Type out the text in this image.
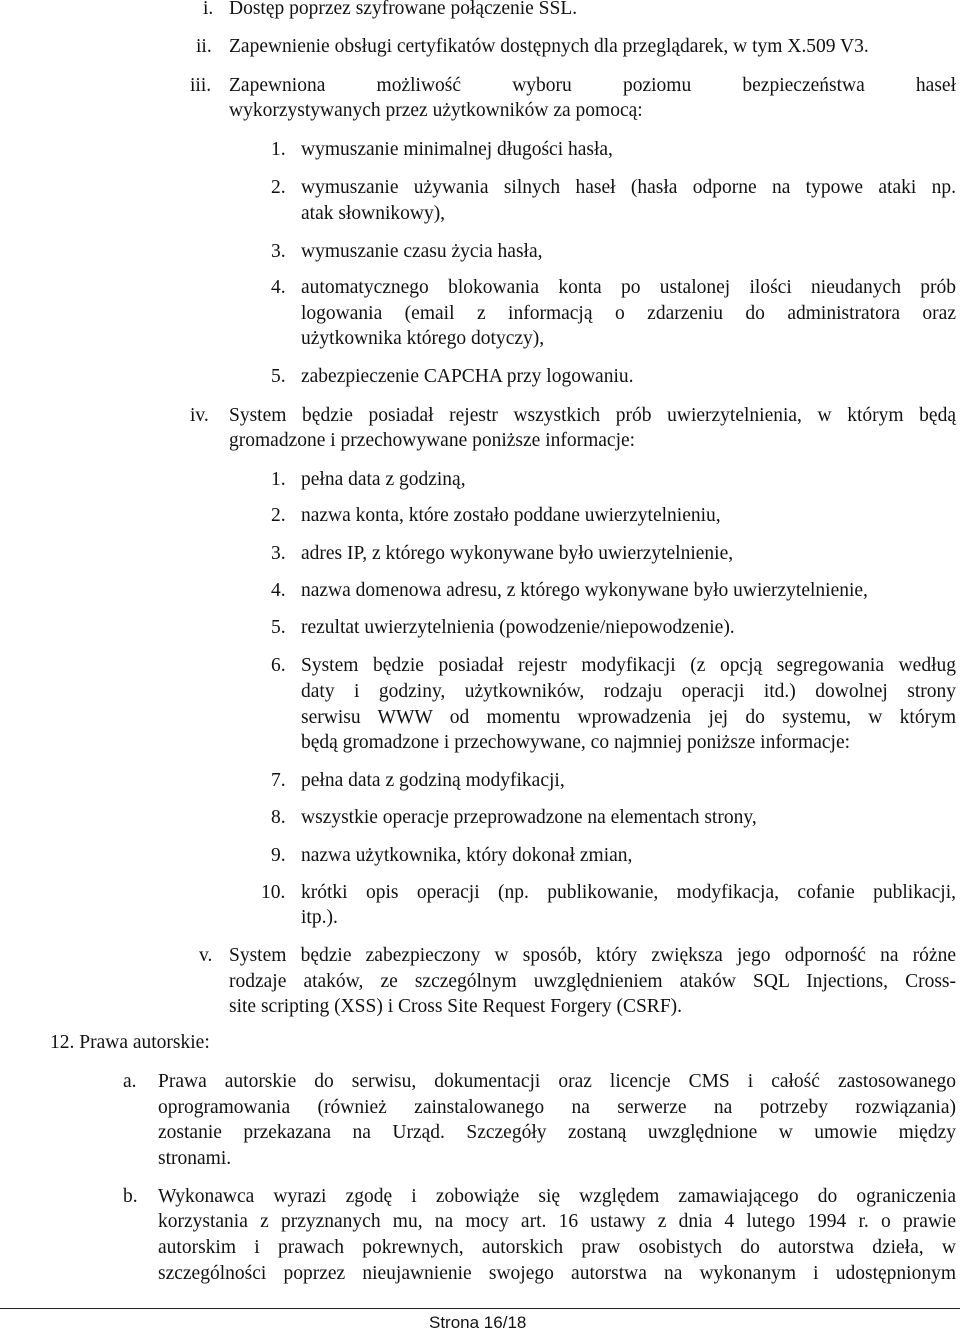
i. Dostęp poprzez szyfrowane połączenie SSL.
ii. Zapewnienie obsługi certyfikatów dostępnych dla przeglądarek, w tym X.509 V3.
iii. Zapewniona możliwość wyboru poziomu bezpieczeństwa haseł
wykorzystywanych przez użytkowników za pomocą:
1. wymuszanie minimalnej długości hasła,
2. wymuszanie używania silnych haseł (hasła odporne na typowe ataki np.
atak słownikowy),
3. wymuszanie czasu życia hasła,
4. automatycznego blokowania konta po ustalonej ilości nieudanych prób
logowania (email z informacją o zdarzeniu do administratora oraz
użytkownika którego dotyczy),
5. zabezpieczenie CAPCHA przy logowaniu.
iv. System będzie posiadał rejestr wszystkich prób uwierzytelnienia, w którym będą
gromadzone i przechowywane poniższe informacje:
1. pełna data z godziną,
2. nazwa konta, które zostało poddane uwierzytelnieniu,
3. adres IP, z którego wykonywane było uwierzytelnienie,
4. nazwa domenowa adresu, z którego wykonywane było uwierzytelnienie,
5. rezultat uwierzytelnienia (powodzenie/niepowodzenie).
6. System będzie posiadał rejestr modyfikacji (z opcją segregowania według
daty i godziny, użytkowników, rodzaju operacji itd.) dowolnej strony
serwisu WWW od momentu wprowadzenia jej do systemu, w którym
będą gromadzone i przechowywane, co najmniej poniższe informacje:
7. pełna data z godziną modyfikacji,
8. wszystkie operacje przeprowadzone na elementach strony,
9. nazwa użytkownika, który dokonał zmian,
10. krótki opis operacji (np. publikowanie, modyfikacja, cofanie publikacji,
itp.).
v. System będzie zabezpieczony w sposób, który zwiększa jego odporność na różne
rodzaje ataków, ze szczególnym uwzględnieniem ataków SQL Injections, Cross-
site scripting (XSS) i Cross Site Request Forgery (CSRF).
12. Prawa autorskie:
a. Prawa autorskie do serwisu, dokumentacji oraz licencje CMS i całość zastosowanego
oprogramowania (również zainstalowanego na serwerze na potrzeby rozwiązania)
zostanie przekazana na Urząd. Szczegóły zostaną uwzględnione w umowie między
stronami.
b. Wykonawca wyrazi zgodę i zobowiąże się względem zamawiającego do ograniczenia
korzystania z przyznanych mu, na mocy art. 16 ustawy z dnia 4 lutego 1994 r. o prawie
autorskim i prawach pokrewnych, autorskich praw osobistych do autorstwa dzieła, w
szczególności poprzez nieujawnienie swojego autorstwa na wykonanym i udostępnionym
Strona 16/18
